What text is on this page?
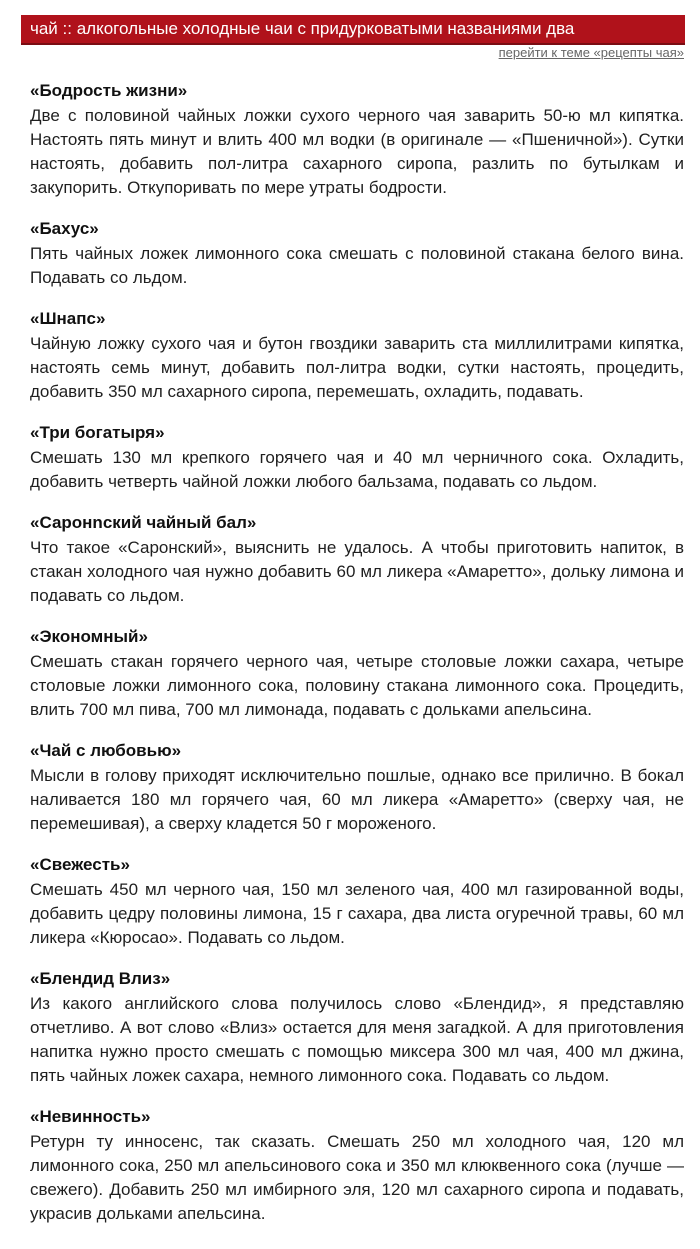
чай :: алкогольные холодные чаи с придурковатыми названиями два
перейти к теме «рецепты чая»
«Бодрость жизни»
Две с половиной чайных ложки сухого черного чая заварить 50-ю мл кипятка. Настоять пять минут и влить 400 мл водки (в оригинале — «Пшеничной»). Сутки настоять, добавить пол-литра сахарного сиропа, разлить по бутылкам и закупорить. Откупоривать по мере утраты бодрости.
«Бахус»
Пять чайных ложек лимонного сока смешать с половиной стакана белого вина. Подавать со льдом.
«Шнапс»
Чайную ложку сухого чая и бутон гвоздики заварить ста миллилитрами кипятка, настоять семь минут, добавить пол-литра водки, сутки настоять, процедить, добавить 350 мл сахарного сиропа, перемешать, охладить, подавать.
«Три богатыря»
Смешать 130 мл крепкого горячего чая и 40 мл черничного сока. Охладить, добавить четверть чайной ложки любого бальзама, подавать со льдом.
«Саронnский чайный бал»
Что такое «Саронский», выяснить не удалось. А чтобы приготовить напиток, в стакан холодного чая нужно добавить 60 мл ликера «Амаретто», дольку лимона и подавать со льдом.
«Экономный»
Смешать стакан горячего черного чая, четыре столовые ложки сахара, четыре столовые ложки лимонного сока, половину стакана лимонного сока. Процедить, влить 700 мл пива, 700 мл лимонада, подавать с дольками апельсина.
«Чай с любовью»
Мысли в голову приходят исключительно пошлые, однако все прилично. В бокал наливается 180 мл горячего чая, 60 мл ликера «Амаретто» (сверху чая, не перемешивая), а сверху кладется 50 г мороженого.
«Свежесть»
Смешать 450 мл черного чая, 150 мл зеленого чая, 400 мл газированной воды, добавить цедру половины лимона, 15 г сахара, два листа огуречной травы, 60 мл ликера «Кюросао». Подавать со льдом.
«Блендид Влиз»
Из какого английского слова получилось слово «Блендид», я представляю отчетливо. А вот слово «Влиз» остается для меня загадкой. А для приготовления напитка нужно просто смешать с помощью миксера 300 мл чая, 400 мл джина, пять чайных ложек сахара, немного лимонного сока. Подавать со льдом.
«Невинность»
Ретурн ту инносенс, так сказать. Смешать 250 мл холодного чая, 120 мл лимонного сока, 250 мл апельсинового сока и 350 мл клюквенного сока (лучше — свежего). Добавить 250 мл имбирного эля, 120 мл сахарного сиропа и подавать, украсив дольками апельсина.
